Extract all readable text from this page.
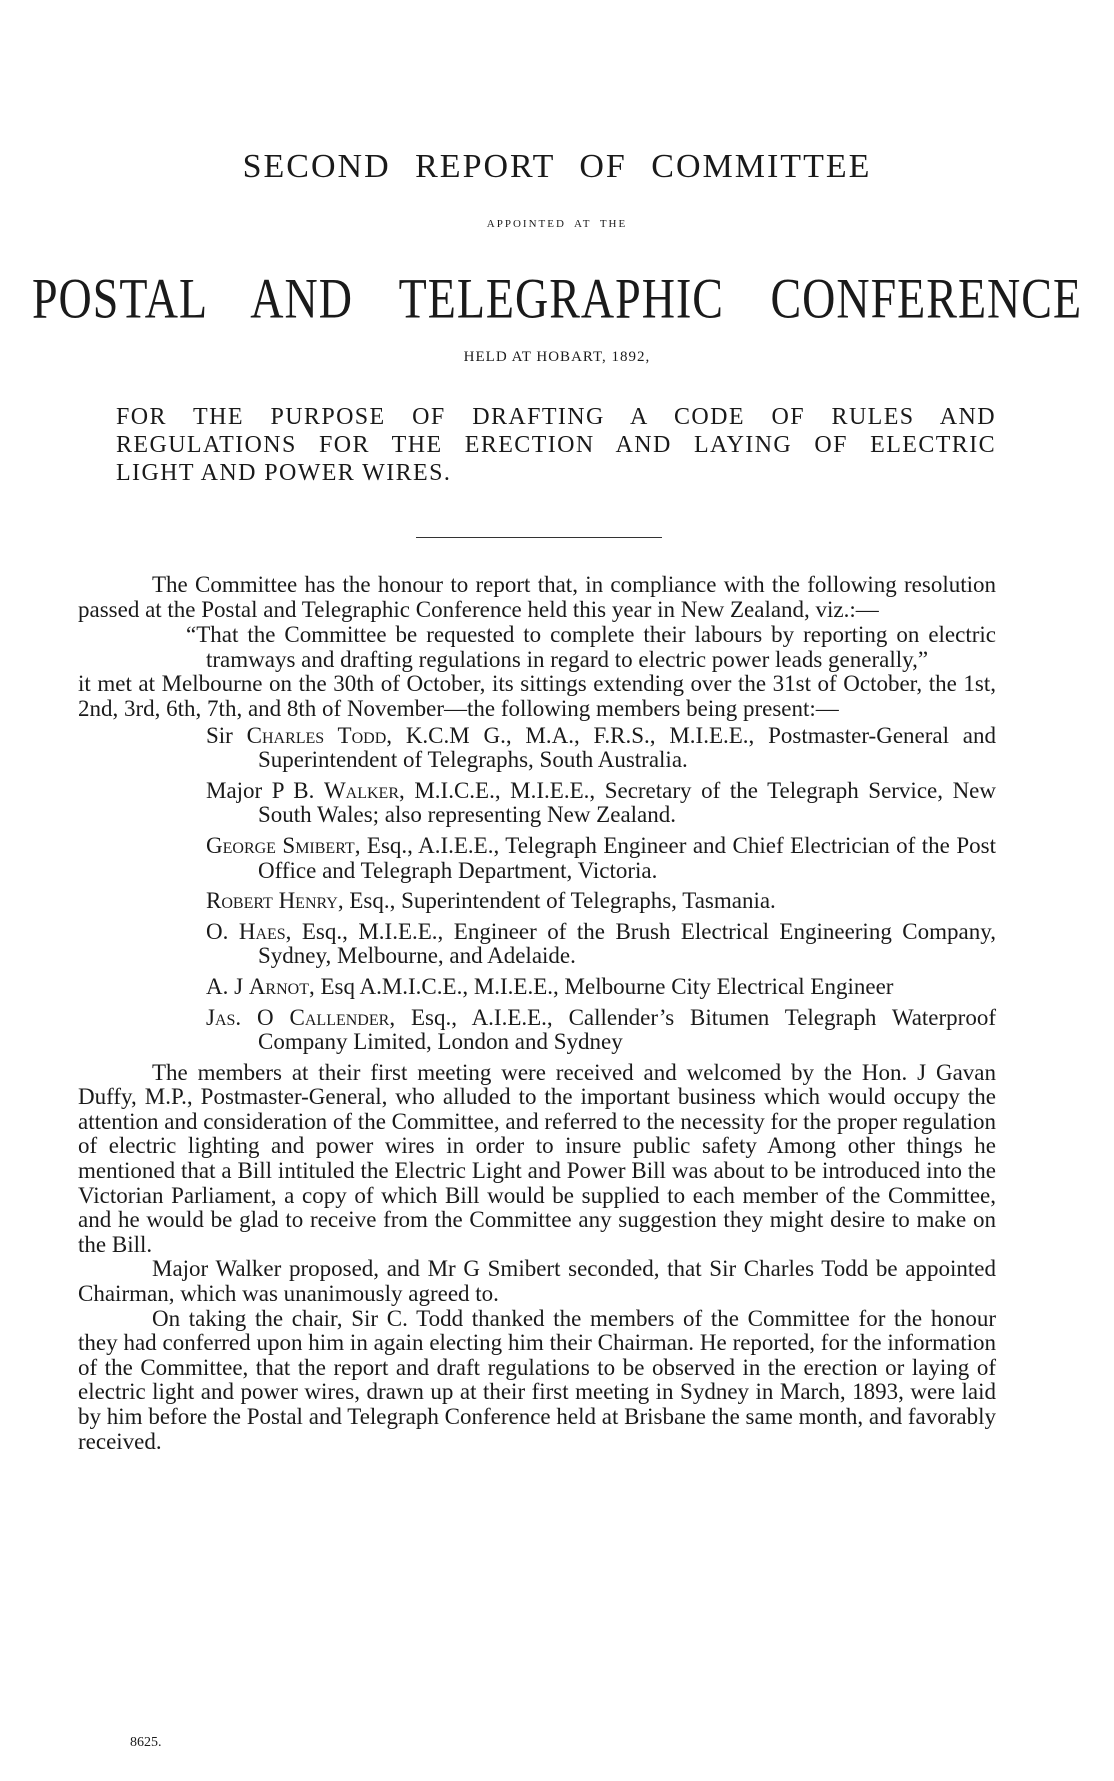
SECOND REPORT OF COMMITTEE
APPOINTED AT THE
POSTAL AND TELEGRAPHIC CONFERENCE
HELD AT HOBART, 1892,
FOR THE PURPOSE OF DRAFTING A CODE OF RULES AND
REGULATIONS FOR THE ERECTION AND LAYING OF ELECTRIC
LIGHT AND POWER WIRES.

The Committee has the honour to report that, in compliance with the following resolution passed at the Postal and Telegraphic Conference held this year in New Zealand, viz.:—

“That the Committee be requested to complete their labours by reporting on electric tramways and drafting regulations in regard to electric power leads generally,”

it met at Melbourne on the 30th of October, its sittings extending over the 31st of October, the 1st, 2nd, 3rd, 6th, 7th, and 8th of November—the following members being present:—

Sir Charles Todd, K.C.M G., M.A., F.R.S., M.I.E.E., Postmaster-General and Superintendent of Telegraphs, South Australia.
Major P B. Walker, M.I.C.E., M.I.E.E., Secretary of the Telegraph Service, New South Wales; also representing New Zealand.
George Smibert, Esq., A.I.E.E., Telegraph Engineer and Chief Electrician of the Post Office and Telegraph Department, Victoria.
Robert Henry, Esq., Superintendent of Telegraphs, Tasmania.
O. Haes, Esq., M.I.E.E., Engineer of the Brush Electrical Engineering Company, Sydney, Melbourne, and Adelaide.
A. J Arnot, Esq A.M.I.C.E., M.I.E.E., Melbourne City Electrical Engineer
Jas. O Callender, Esq., A.I.E.E., Callender’s Bitumen Telegraph Waterproof Company Limited, London and Sydney

The members at their first meeting were received and welcomed by the Hon. J Gavan Duffy, M.P., Postmaster-General, who alluded to the important business which would occupy the attention and consideration of the Committee, and referred to the necessity for the proper regulation of electric lighting and power wires in order to insure public safety Among other things he mentioned that a Bill intituled the Electric Light and Power Bill was about to be introduced into the Victorian Parliament, a copy of which Bill would be supplied to each member of the Committee, and he would be glad to receive from the Committee any suggestion they might desire to make on the Bill.

Major Walker proposed, and Mr G Smibert seconded, that Sir Charles Todd be appointed Chairman, which was unanimously agreed to.

On taking the chair, Sir C. Todd thanked the members of the Committee for the honour they had conferred upon him in again electing him their Chairman. He reported, for the information of the Committee, that the report and draft regulations to be observed in the erection or laying of electric light and power wires, drawn up at their first meeting in Sydney in March, 1893, were laid by him before the Postal and Telegraph Conference held at Brisbane the same month, and favorably received.

8625.
